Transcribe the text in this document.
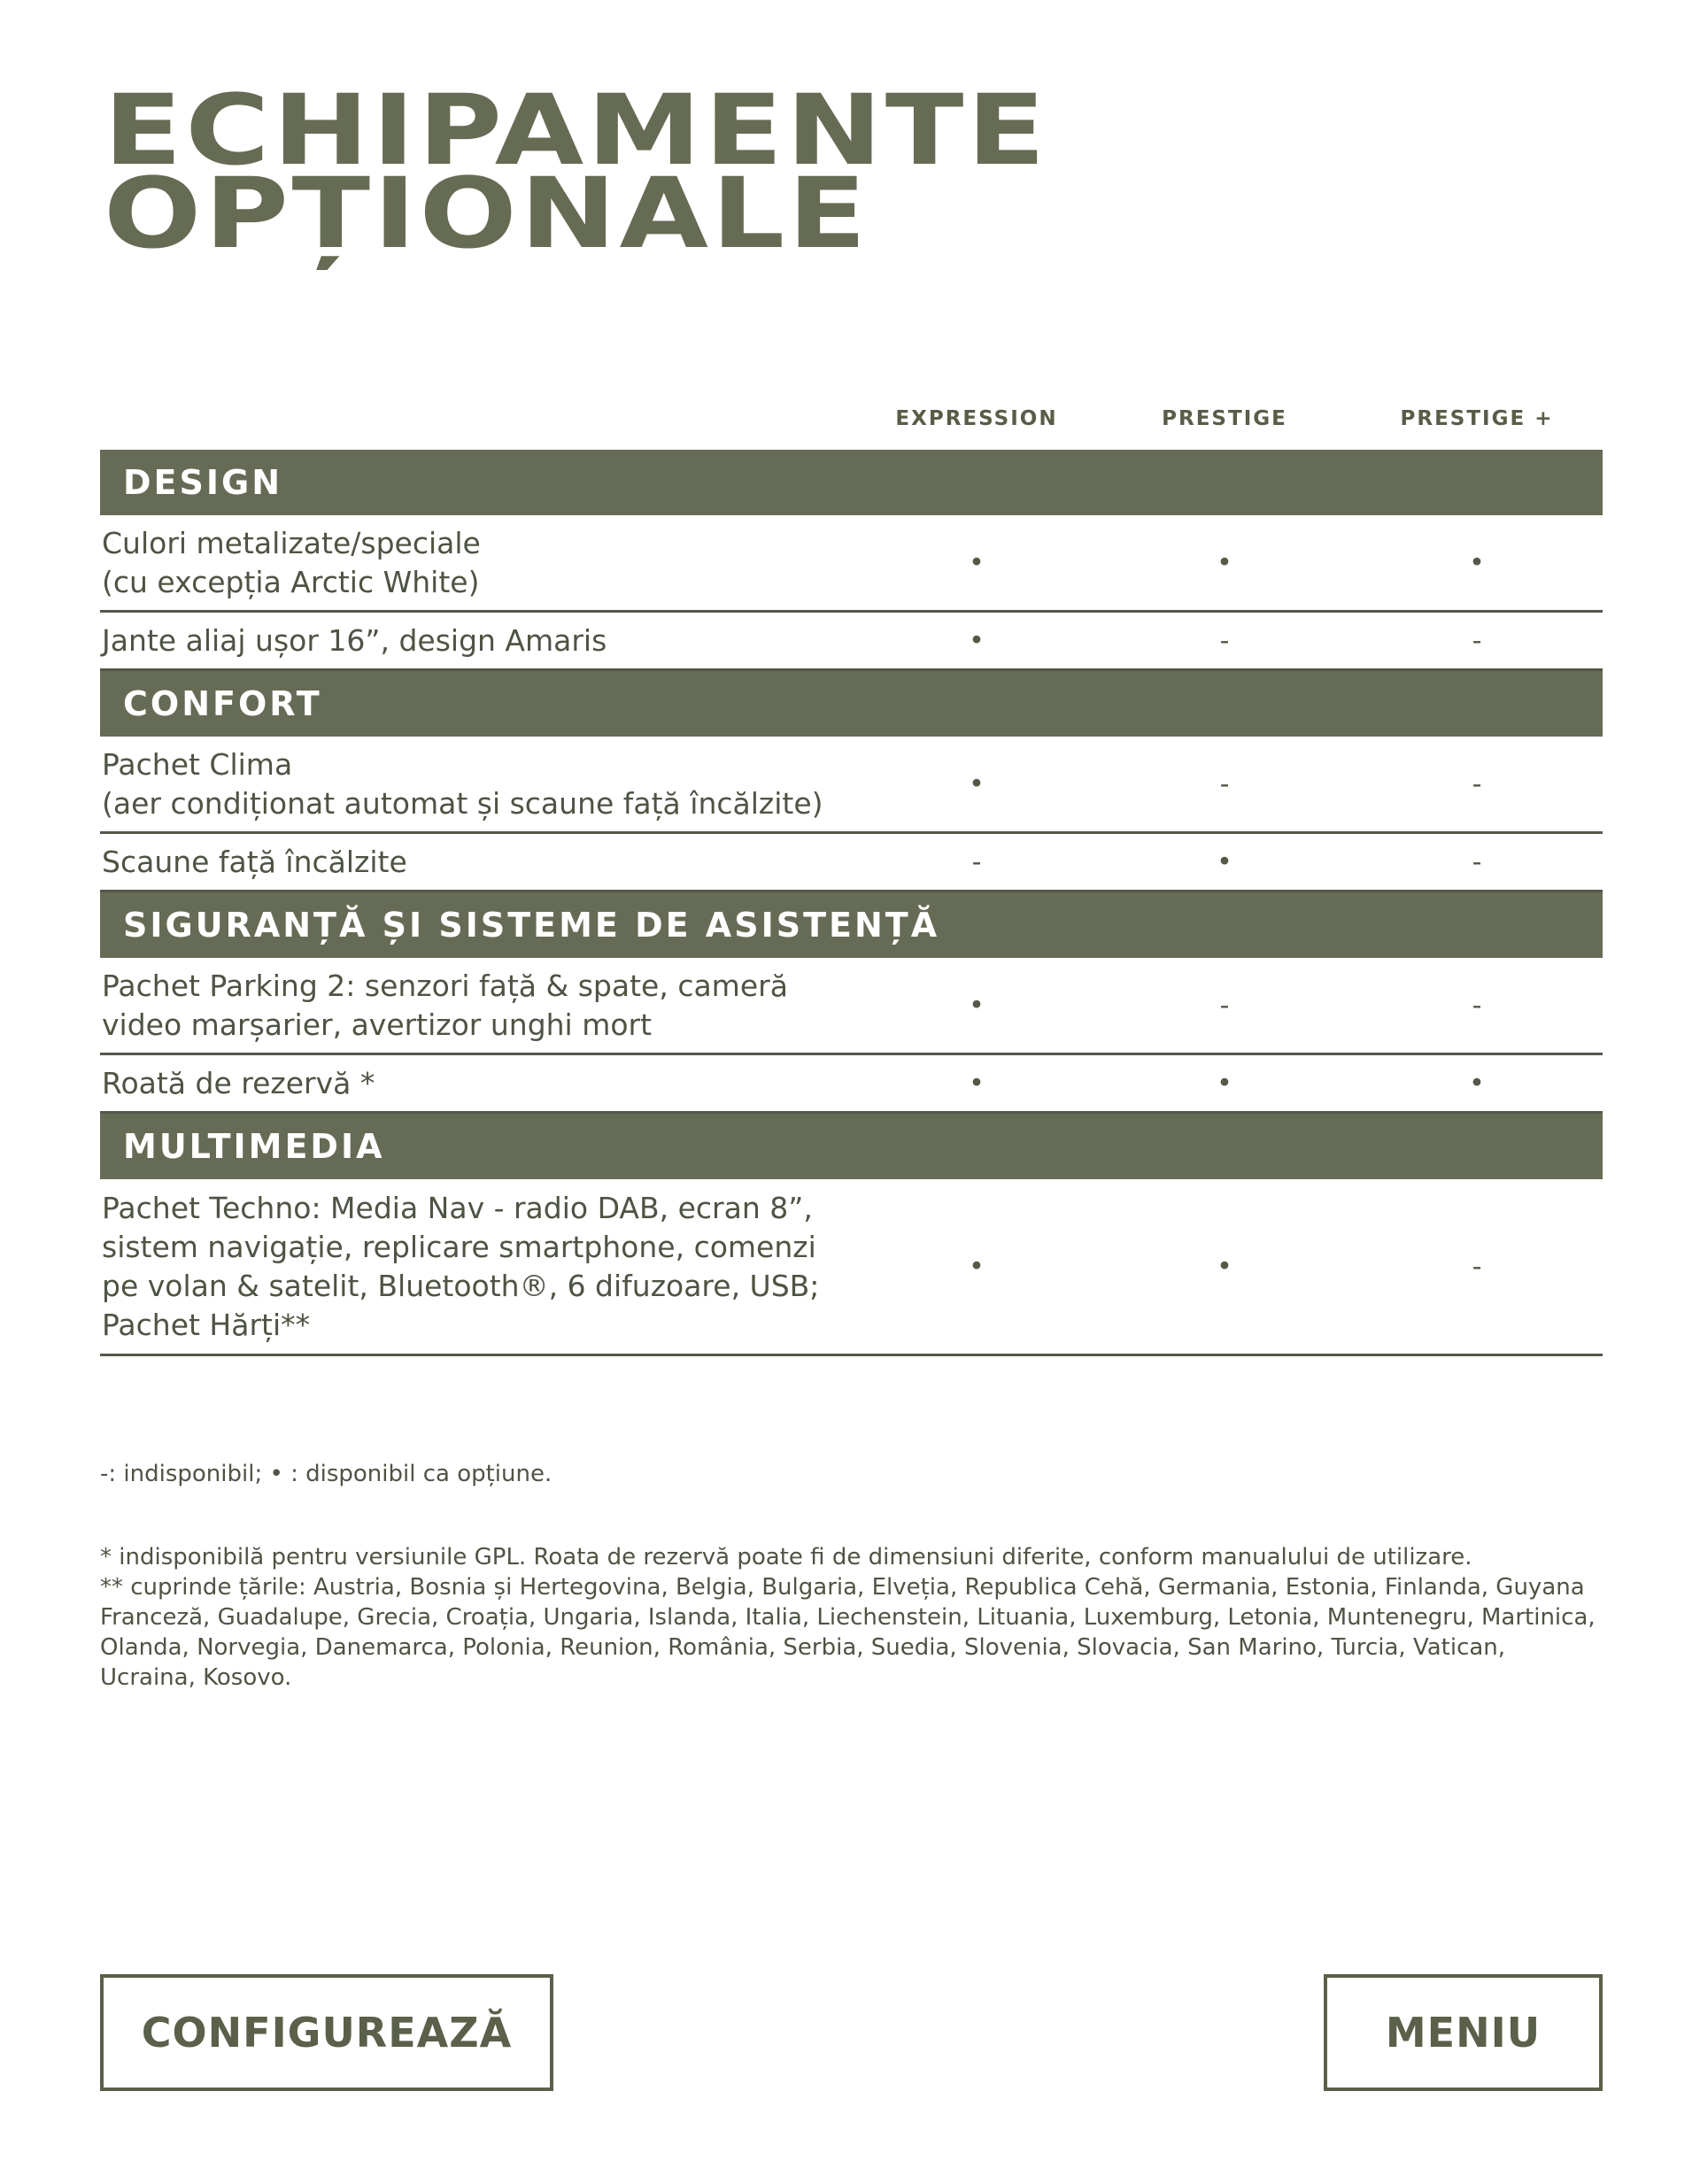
ECHIPAMENTE
OPȚIONALE
EXPRESSION	PRESTIGE	PRESTIGE +
DESIGN
Culori metalizate/speciale
(cu excepția Arctic White)
•	•	•
Jante aliaj ușor 16”, design Amaris	•	-	-
CONFORT
Pachet Clima
(aer condiționat automat și scaune față încălzite)
•	-	-
Scaune față încălzite	-	•	-
SIGURANȚĂ ȘI SISTEME DE ASISTENȚĂ
Pachet Parking 2: senzori față & spate, cameră
video marșarier, avertizor unghi mort
•	-	-
Roată de rezervă *	•	•	•
MULTIMEDIA
Pachet Techno: Media Nav - radio DAB, ecran 8”,
sistem navigație, replicare smartphone, comenzi
pe volan & satelit, Bluetooth®, 6 difuzoare, USB;
Pachet Hărți**
•	•	-
-: indisponibil; • : disponibil ca opțiune.

* indisponibilă pentru versiunile GPL. Roata de rezervă poate fi de dimensiuni diferite, conform manualului de utilizare.

** cuprinde țările: Austria, Bosnia și Hertegovina, Belgia, Bulgaria, Elveția, Republica Cehă, Germania, Estonia, Finlanda, Guyana Franceză, Guadalupe, Grecia, Croația, Ungaria, Islanda, Italia, Liechenstein, Lituania, Luxemburg, Letonia, Muntenegru, Martinica, Olanda, Norvegia, Danemarca, Polonia, Reunion, România, Serbia, Suedia, Slovenia, Slovacia, San Marino, Turcia, Vatican, Ucraina, Kosovo.

CONFIGUREAZĂ	MENIU
